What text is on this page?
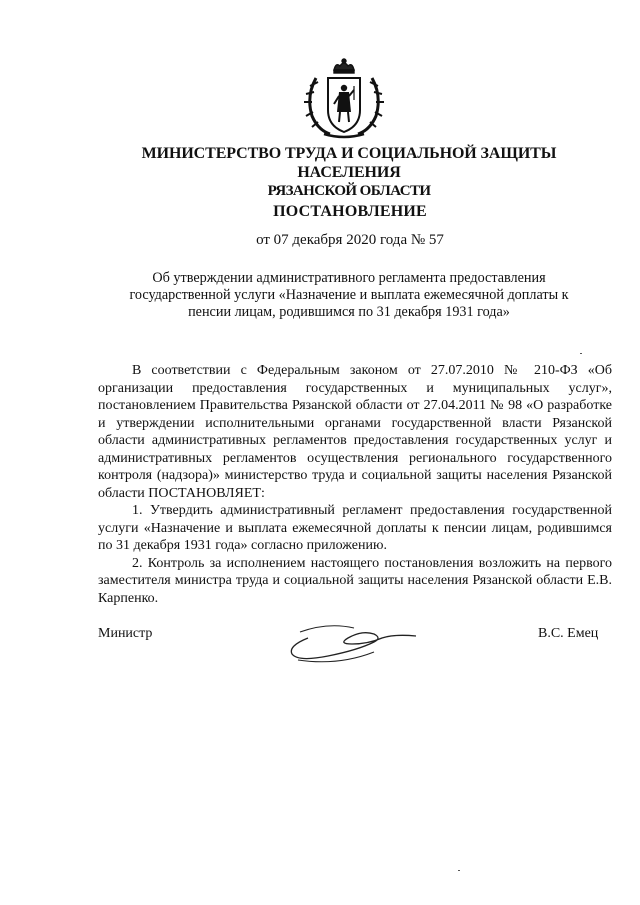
МИНИСТЕРСТВО ТРУДА И СОЦИАЛЬНОЙ ЗАЩИТЫ НАСЕЛЕНИЯ
РЯЗАНСКОЙ ОБЛАСТИ
ПОСТАНОВЛЕНИЕ
от 07 декабря 2020 года № 57
Об утверждении административного регламента предоставления государственной услуги «Назначение и выплата ежемесячной доплаты к пенсии лицам, родившимся по 31 декабря 1931 года»

В соответствии с Федеральным законом от 27.07.2010 № 210-ФЗ «Об организации предоставления государственных и муниципальных услуг», постановлением Правительства Рязанской области от 27.04.2011 № 98 «О разработке и утверждении исполнительными органами государственной власти Рязанской области административных регламентов предоставления государственных услуг и административных регламентов осуществления регионального государственного контроля (надзора)» министерство труда и социальной защиты населения Рязанской области ПОСТАНОВЛЯЕТ:

1. Утвердить административный регламент предоставления государственной услуги «Назначение и выплата ежемесячной доплаты к пенсии лицам, родившимся по 31 декабря 1931 года» согласно приложению.

2. Контроль за исполнением настоящего постановления возложить на первого заместителя министра труда и социальной защиты населения Рязанской области Е.В. Карпенко.

Министр	В.С. Емец
